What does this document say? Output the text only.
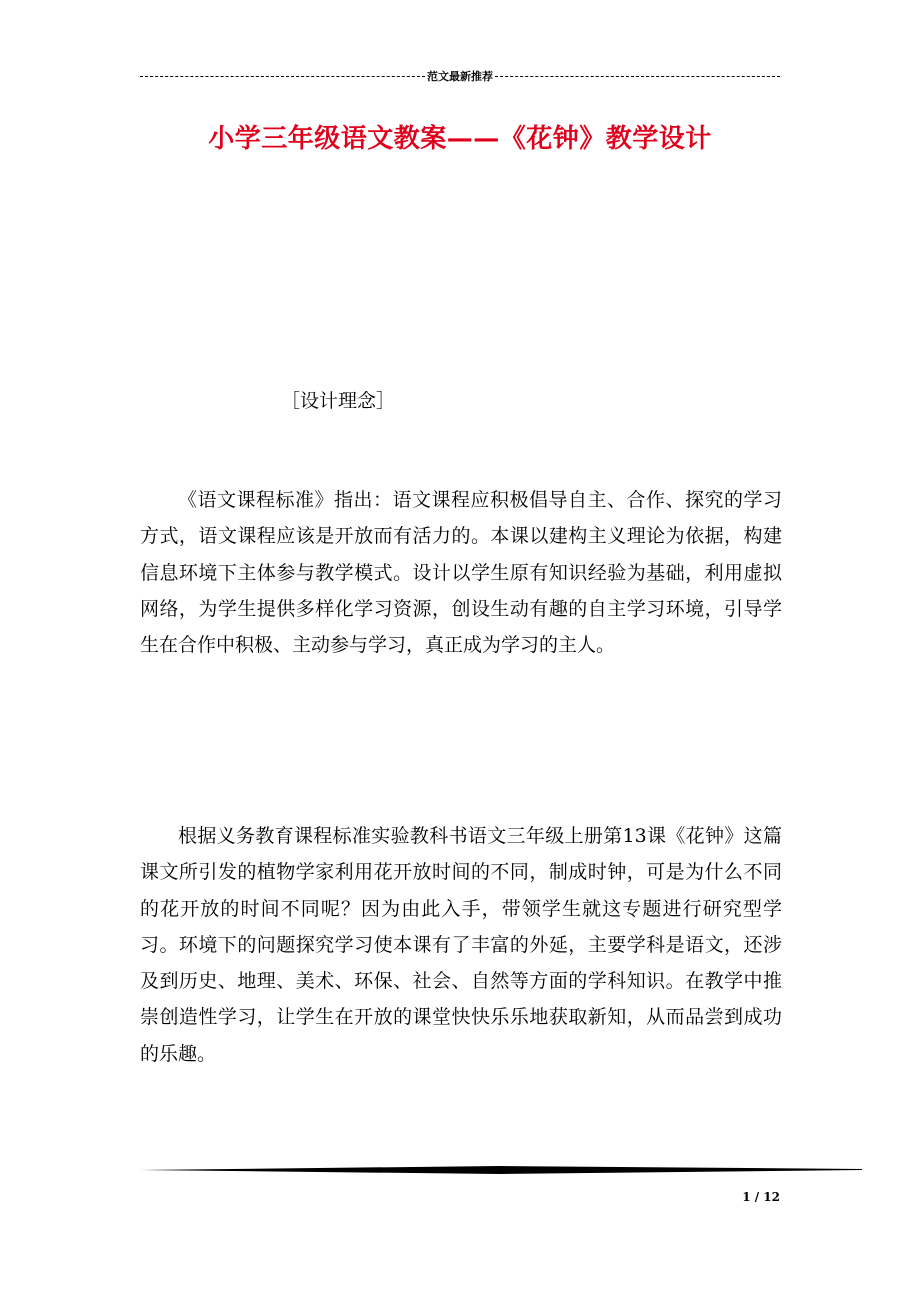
范文最新推荐
小学三年级语文教案——《花钟》教学设计
［设计理念］
《语文课程标准》指出：语文课程应积极倡导自主、合作、探究的学习方式，语文课程应该是开放而有活力的。本课以建构主义理论为依据，构建信息环境下主体参与教学模式。设计以学生原有知识经验为基础，利用虚拟网络，为学生提供多样化学习资源，创设生动有趣的自主学习环境，引导学生在合作中积极、主动参与学习，真正成为学习的主人。
根据义务教育课程标准实验教科书语文三年级上册第13课《花钟》这篇课文所引发的植物学家利用花开放时间的不同，制成时钟，可是为什么不同的花开放的时间不同呢？因为由此入手，带领学生就这专题进行研究型学习。环境下的问题探究学习使本课有了丰富的外延，主要学科是语文，还涉及到历史、地理、美术、环保、社会、自然等方面的学科知识。在教学中推崇创造性学习，让学生在开放的课堂快快乐乐地获取新知，从而品尝到成功的乐趣。
1 / 12
